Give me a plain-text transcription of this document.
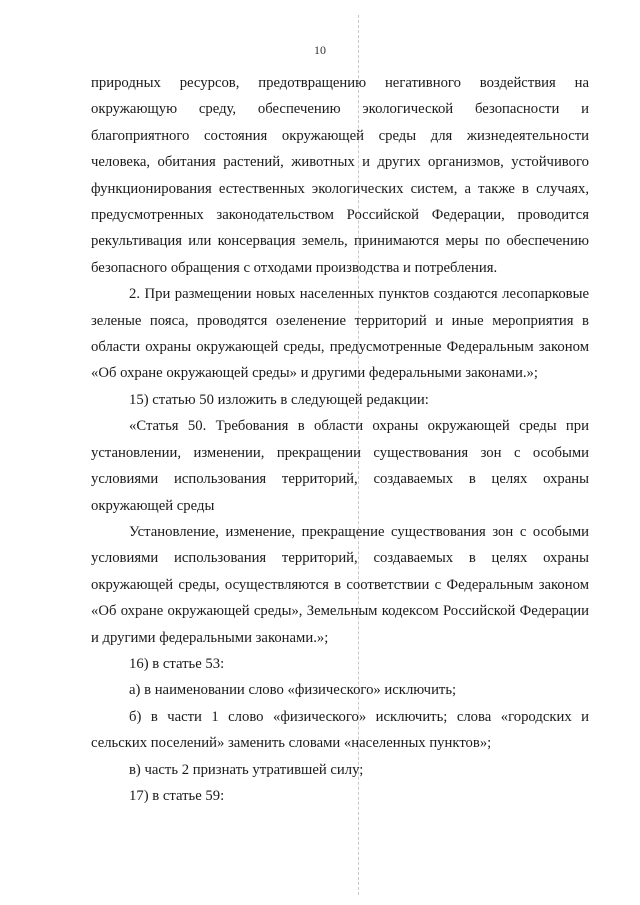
10

природных ресурсов, предотвращению негативного воздействия на окружающую среду, обеспечению экологической безопасности и благоприятного состояния окружающей среды для жизнедеятельности человека, обитания растений, животных и других организмов, устойчивого функционирования естественных экологических систем, а также в случаях, предусмотренных законодательством Российской Федерации, проводится рекультивация или консервация земель, принимаются меры по обеспечению безопасного обращения с отходами производства и потребления.

2. При размещении новых населенных пунктов создаются лесопарковые зеленые пояса, проводятся озеленение территорий и иные мероприятия в области охраны окружающей среды, предусмотренные Федеральным законом «Об охране окружающей среды» и другими федеральными законами.»;

15) статью 50 изложить в следующей редакции:

«Статья 50. Требования в области охраны окружающей среды при установлении, изменении, прекращении существования зон с особыми условиями использования территорий, создаваемых в целях охраны окружающей среды

Установление, изменение, прекращение существования зон с особыми условиями использования территорий, создаваемых в целях охраны окружающей среды, осуществляются в соответствии с Федеральным законом «Об охране окружающей среды», Земельным кодексом Российской Федерации и другими федеральными законами.»;

16) в статье 53:

а) в наименовании слово «физического» исключить;

б) в части 1 слово «физического» исключить; слова «городских и сельских поселений» заменить словами «населенных пунктов»;

в) часть 2 признать утратившей силу;

17) в статье 59:
